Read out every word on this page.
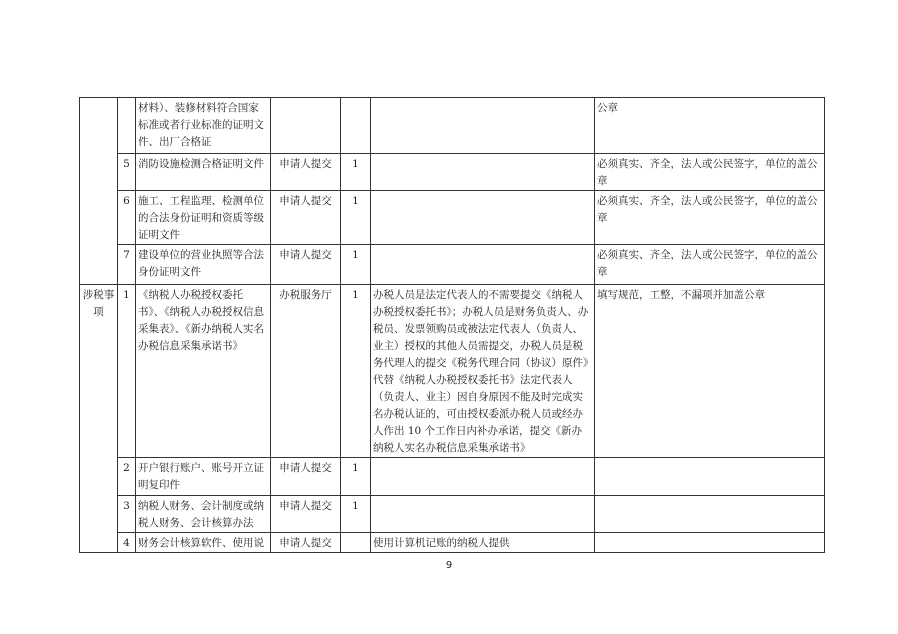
		材料）、装修材料符合国家标准或者行业标准的证明文件、出厂合格证				公章
	5	消防设施检测合格证明文件	申请人提交	1		必须真实、齐全，法人或公民签字，单位的盖公章
	6	施工、工程监理、检测单位的合法身份证明和资质等级证明文件	申请人提交	1		必须真实、齐全，法人或公民签字，单位的盖公章
	7	建设单位的营业执照等合法身份证明文件	申请人提交	1		必须真实、齐全，法人或公民签字，单位的盖公章
涉税事项	1	《纳税人办税授权委托书》、《纳税人办税授权信息采集表》、《新办纳税人实名办税信息采集承诺书》	办税服务厅	1	办税人员是法定代表人的不需要提交《纳税人办税授权委托书》；办税人员是财务负责人、办税员、发票领购员或被法定代表人（负责人、业主）授权的其他人员需提交，办税人员是税务代理人的提交《税务代理合同（协议）原件》代替《纳税人办税授权委托书》法定代表人（负责人、业主）因自身原因不能及时完成实名办税认证的，可由授权委派办税人员或经办人作出 10 个工作日内补办承诺，提交《新办纳税人实名办税信息采集承诺书》	填写规范，工整，不漏项并加盖公章
	2	开户银行账户、账号开立证明复印件	申请人提交	1		
	3	纳税人财务、会计制度或纳税人财务、会计核算办法	申请人提交	1		
	4	财务会计核算软件、使用说	申请人提交		使用计算机记账的纳税人提供	
9
